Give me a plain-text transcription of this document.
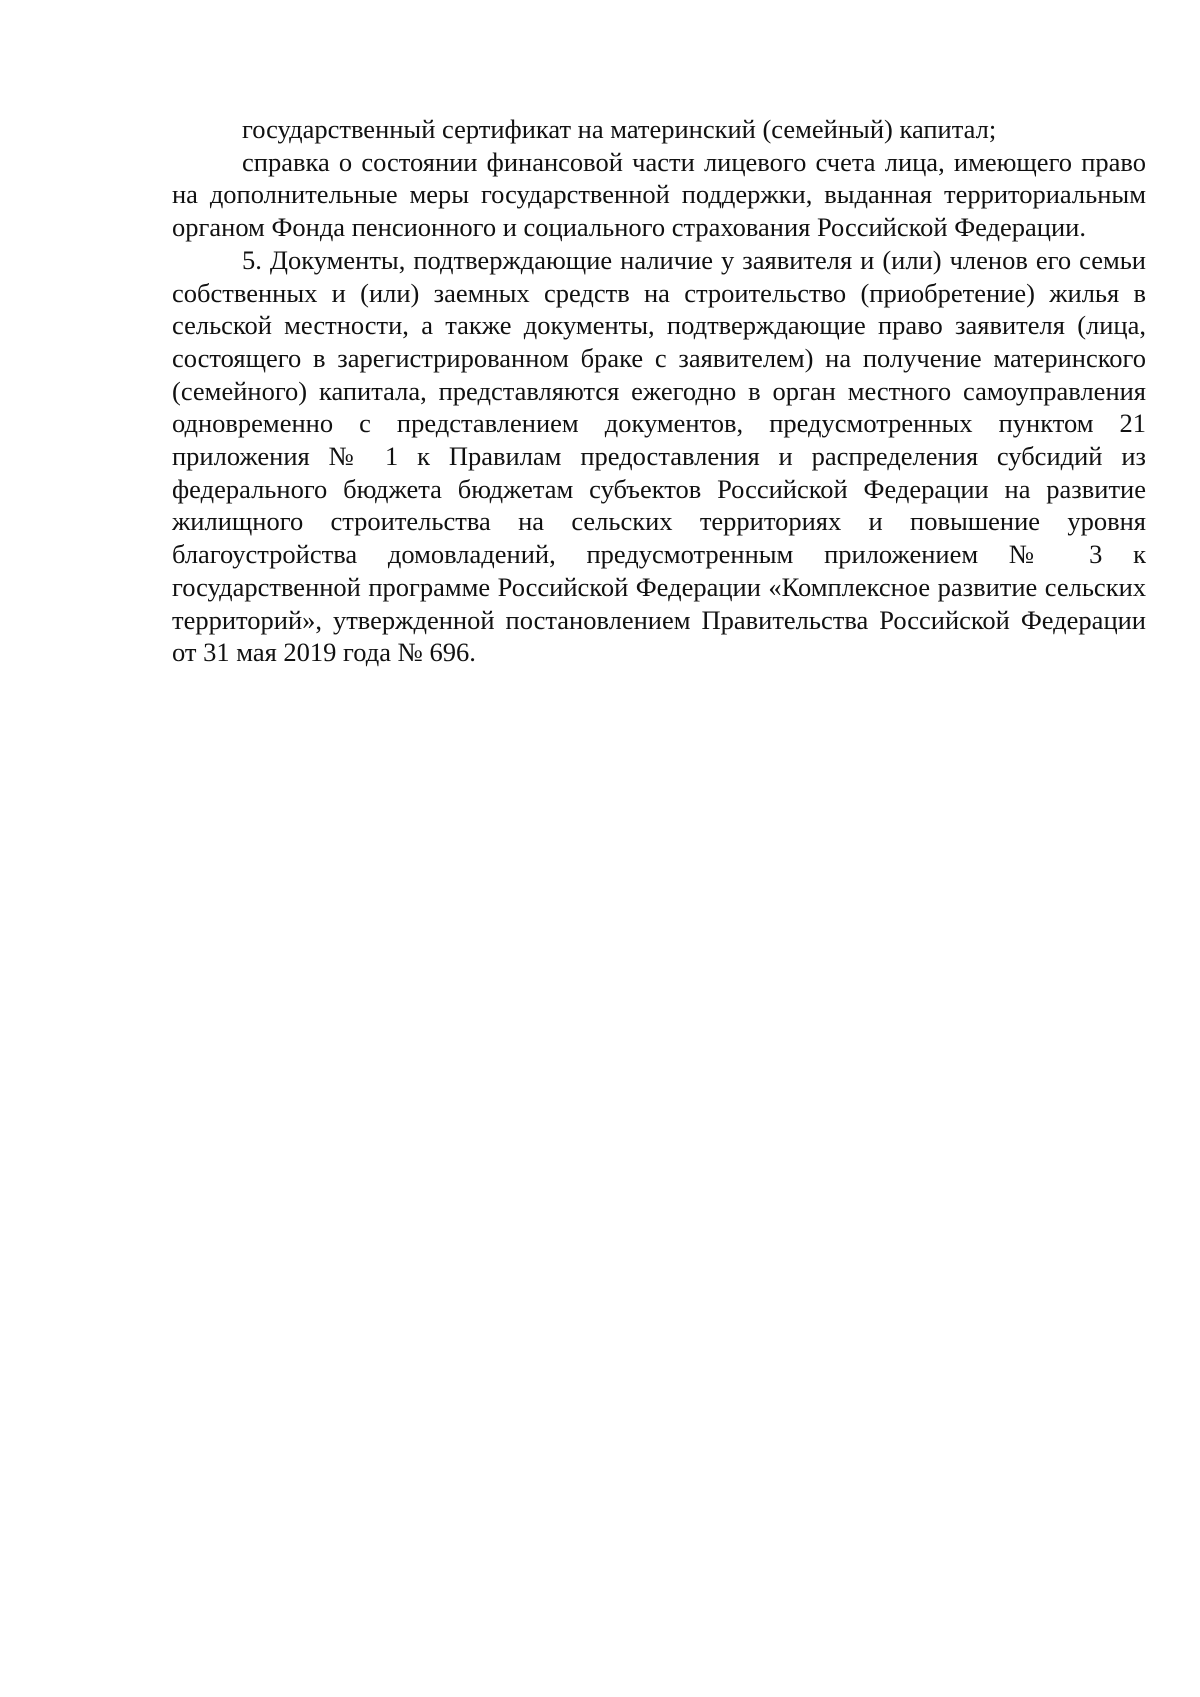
государственный сертификат на материнский (семейный) капитал;

справка о состоянии финансовой части лицевого счета лица, имеющего право на дополнительные меры государственной поддержки, выданная территориальным органом Фонда пенсионного и социального страхования Российской Федерации.

5. Документы, подтверждающие наличие у заявителя и (или) членов его семьи собственных и (или) заемных средств на строительство (приобретение) жилья в сельской местности, а также документы, подтверждающие право заявителя (лица, состоящего в зарегистрированном браке с заявителем) на получение материнского (семейного) капитала, представляются ежегодно в орган местного самоуправления одновременно с представлением документов, предусмотренных пунктом 21 приложения № 1 к Правилам предоставления и распределения субсидий из федерального бюджета бюджетам субъектов Российской Федерации на развитие жилищного строительства на сельских территориях и повышение уровня благоустройства домовладений, предусмотренным приложением № 3 к государственной программе Российской Федерации «Комплексное развитие сельских территорий», утвержденной постановлением Правительства Российской Федерации от 31 мая 2019 года № 696.
